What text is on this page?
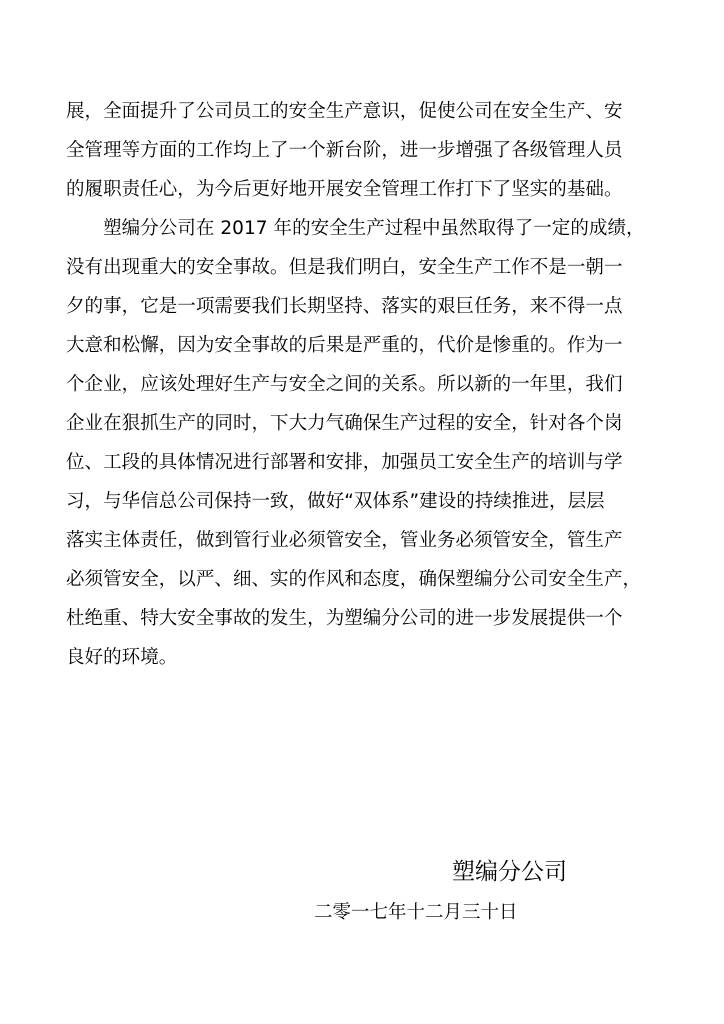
展，全面提升了公司员工的安全生产意识，促使公司在安全生产、安
全管理等方面的工作均上了一个新台阶，进一步增强了各级管理人员
的履职责任心，为今后更好地开展安全管理工作打下了坚实的基础。
　　塑编分公司在 2017 年的安全生产过程中虽然取得了一定的成绩，
没有出现重大的安全事故。但是我们明白，安全生产工作不是一朝一
夕的事，它是一项需要我们长期坚持、落实的艰巨任务，来不得一点
大意和松懈，因为安全事故的后果是严重的，代价是惨重的。作为一
个企业，应该处理好生产与安全之间的关系。所以新的一年里，我们
企业在狠抓生产的同时，下大力气确保生产过程的安全，针对各个岗
位、工段的具体情况进行部署和安排，加强员工安全生产的培训与学
习，与华信总公司保持一致，做好“双体系”建设的持续推进，层层
落实主体责任，做到管行业必须管安全，管业务必须管安全，管生产
必须管安全，以严、细、实的作风和态度，确保塑编分公司安全生产，
杜绝重、特大安全事故的发生，为塑编分公司的进一步发展提供一个
良好的环境。
塑编分公司
二零一七年十二月三十日
